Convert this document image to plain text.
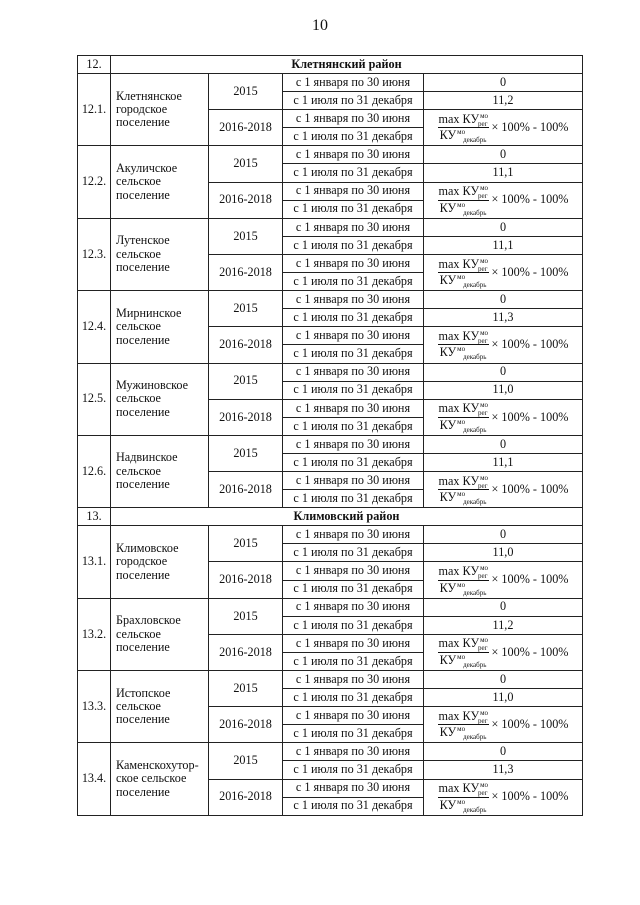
10
12.	Клетнянский район			
12.1.	Клетнянское городское поселение	2015	с 1 января по 30 июня	0
			с 1 июля по 31 декабря	11,2
		2016-2018	с 1 января по 30 июня	$\frac{\max КУ^{мо}_{рег}}{КУ^{мо}_{декабрь}} \times 100\% - 100\%$
			с 1 июля по 31 декабря	
12.2.	Акуличское сельское поселение	2015	с 1 января по 30 июня	0
			с 1 июля по 31 декабря	11,1
		2016-2018	с 1 января по 30 июня	$\frac{\max КУ^{мо}_{рег}}{КУ^{мо}_{декабрь}} \times 100\% - 100\%$
			с 1 июля по 31 декабря	
12.3.	Лутенское сельское поселение	2015	с 1 января по 30 июня	0
			с 1 июля по 31 декабря	11,1
		2016-2018	с 1 января по 30 июня	$\frac{\max КУ^{мо}_{рег}}{КУ^{мо}_{декабрь}} \times 100\% - 100\%$
			с 1 июля по 31 декабря	
12.4.	Мирнинское сельское поселение	2015	с 1 января по 30 июня	0
			с 1 июля по 31 декабря	11,3
		2016-2018	с 1 января по 30 июня	$\frac{\max КУ^{мо}_{рег}}{КУ^{мо}_{декабрь}} \times 100\% - 100\%$
			с 1 июля по 31 декабря	
12.5.	Мужиновское сельское поселение	2015	с 1 января по 30 июня	0
			с 1 июля по 31 декабря	11,0
		2016-2018	с 1 января по 30 июня	$\frac{\max КУ^{мо}_{рег}}{КУ^{мо}_{декабрь}} \times 100\% - 100\%$
			с 1 июля по 31 декабря	
12.6.	Надвинское сельское поселение	2015	с 1 января по 30 июня	0
			с 1 июля по 31 декабря	11,1
		2016-2018	с 1 января по 30 июня	$\frac{\max КУ^{мо}_{рег}}{КУ^{мо}_{декабрь}} \times 100\% - 100\%$
			с 1 июля по 31 декабря	
13.	Климовский район			
13.1.	Климовское городское поселение	2015	с 1 января по 30 июня	0
			с 1 июля по 31 декабря	11,0
		2016-2018	с 1 января по 30 июня	$\frac{\max КУ^{мо}_{рег}}{КУ^{мо}_{декабрь}} \times 100\% - 100\%$
			с 1 июля по 31 декабря	
13.2.	Брахловское сельское поселение	2015	с 1 января по 30 июня	0
			с 1 июля по 31 декабря	11,2
		2016-2018	с 1 января по 30 июня	$\frac{\max КУ^{мо}_{рег}}{КУ^{мо}_{декабрь}} \times 100\% - 100\%$
			с 1 июля по 31 декабря	
13.3.	Истопское сельское поселение	2015	с 1 января по 30 июня	0
			с 1 июля по 31 декабря	11,0
		2016-2018	с 1 января по 30 июня	$\frac{\max КУ^{мо}_{рег}}{КУ^{мо}_{декабрь}} \times 100\% - 100\%$
			с 1 июля по 31 декабря	
13.4.	Каменскохутор-ское сельское поселение	2015	с 1 января по 30 июня	0
			с 1 июля по 31 декабря	11,3
		2016-2018	с 1 января по 30 июня	$\frac{\max КУ^{мо}_{рег}}{КУ^{мо}_{декабрь}} \times 100\% - 100\%$
			с 1 июля по 31 декабря	
